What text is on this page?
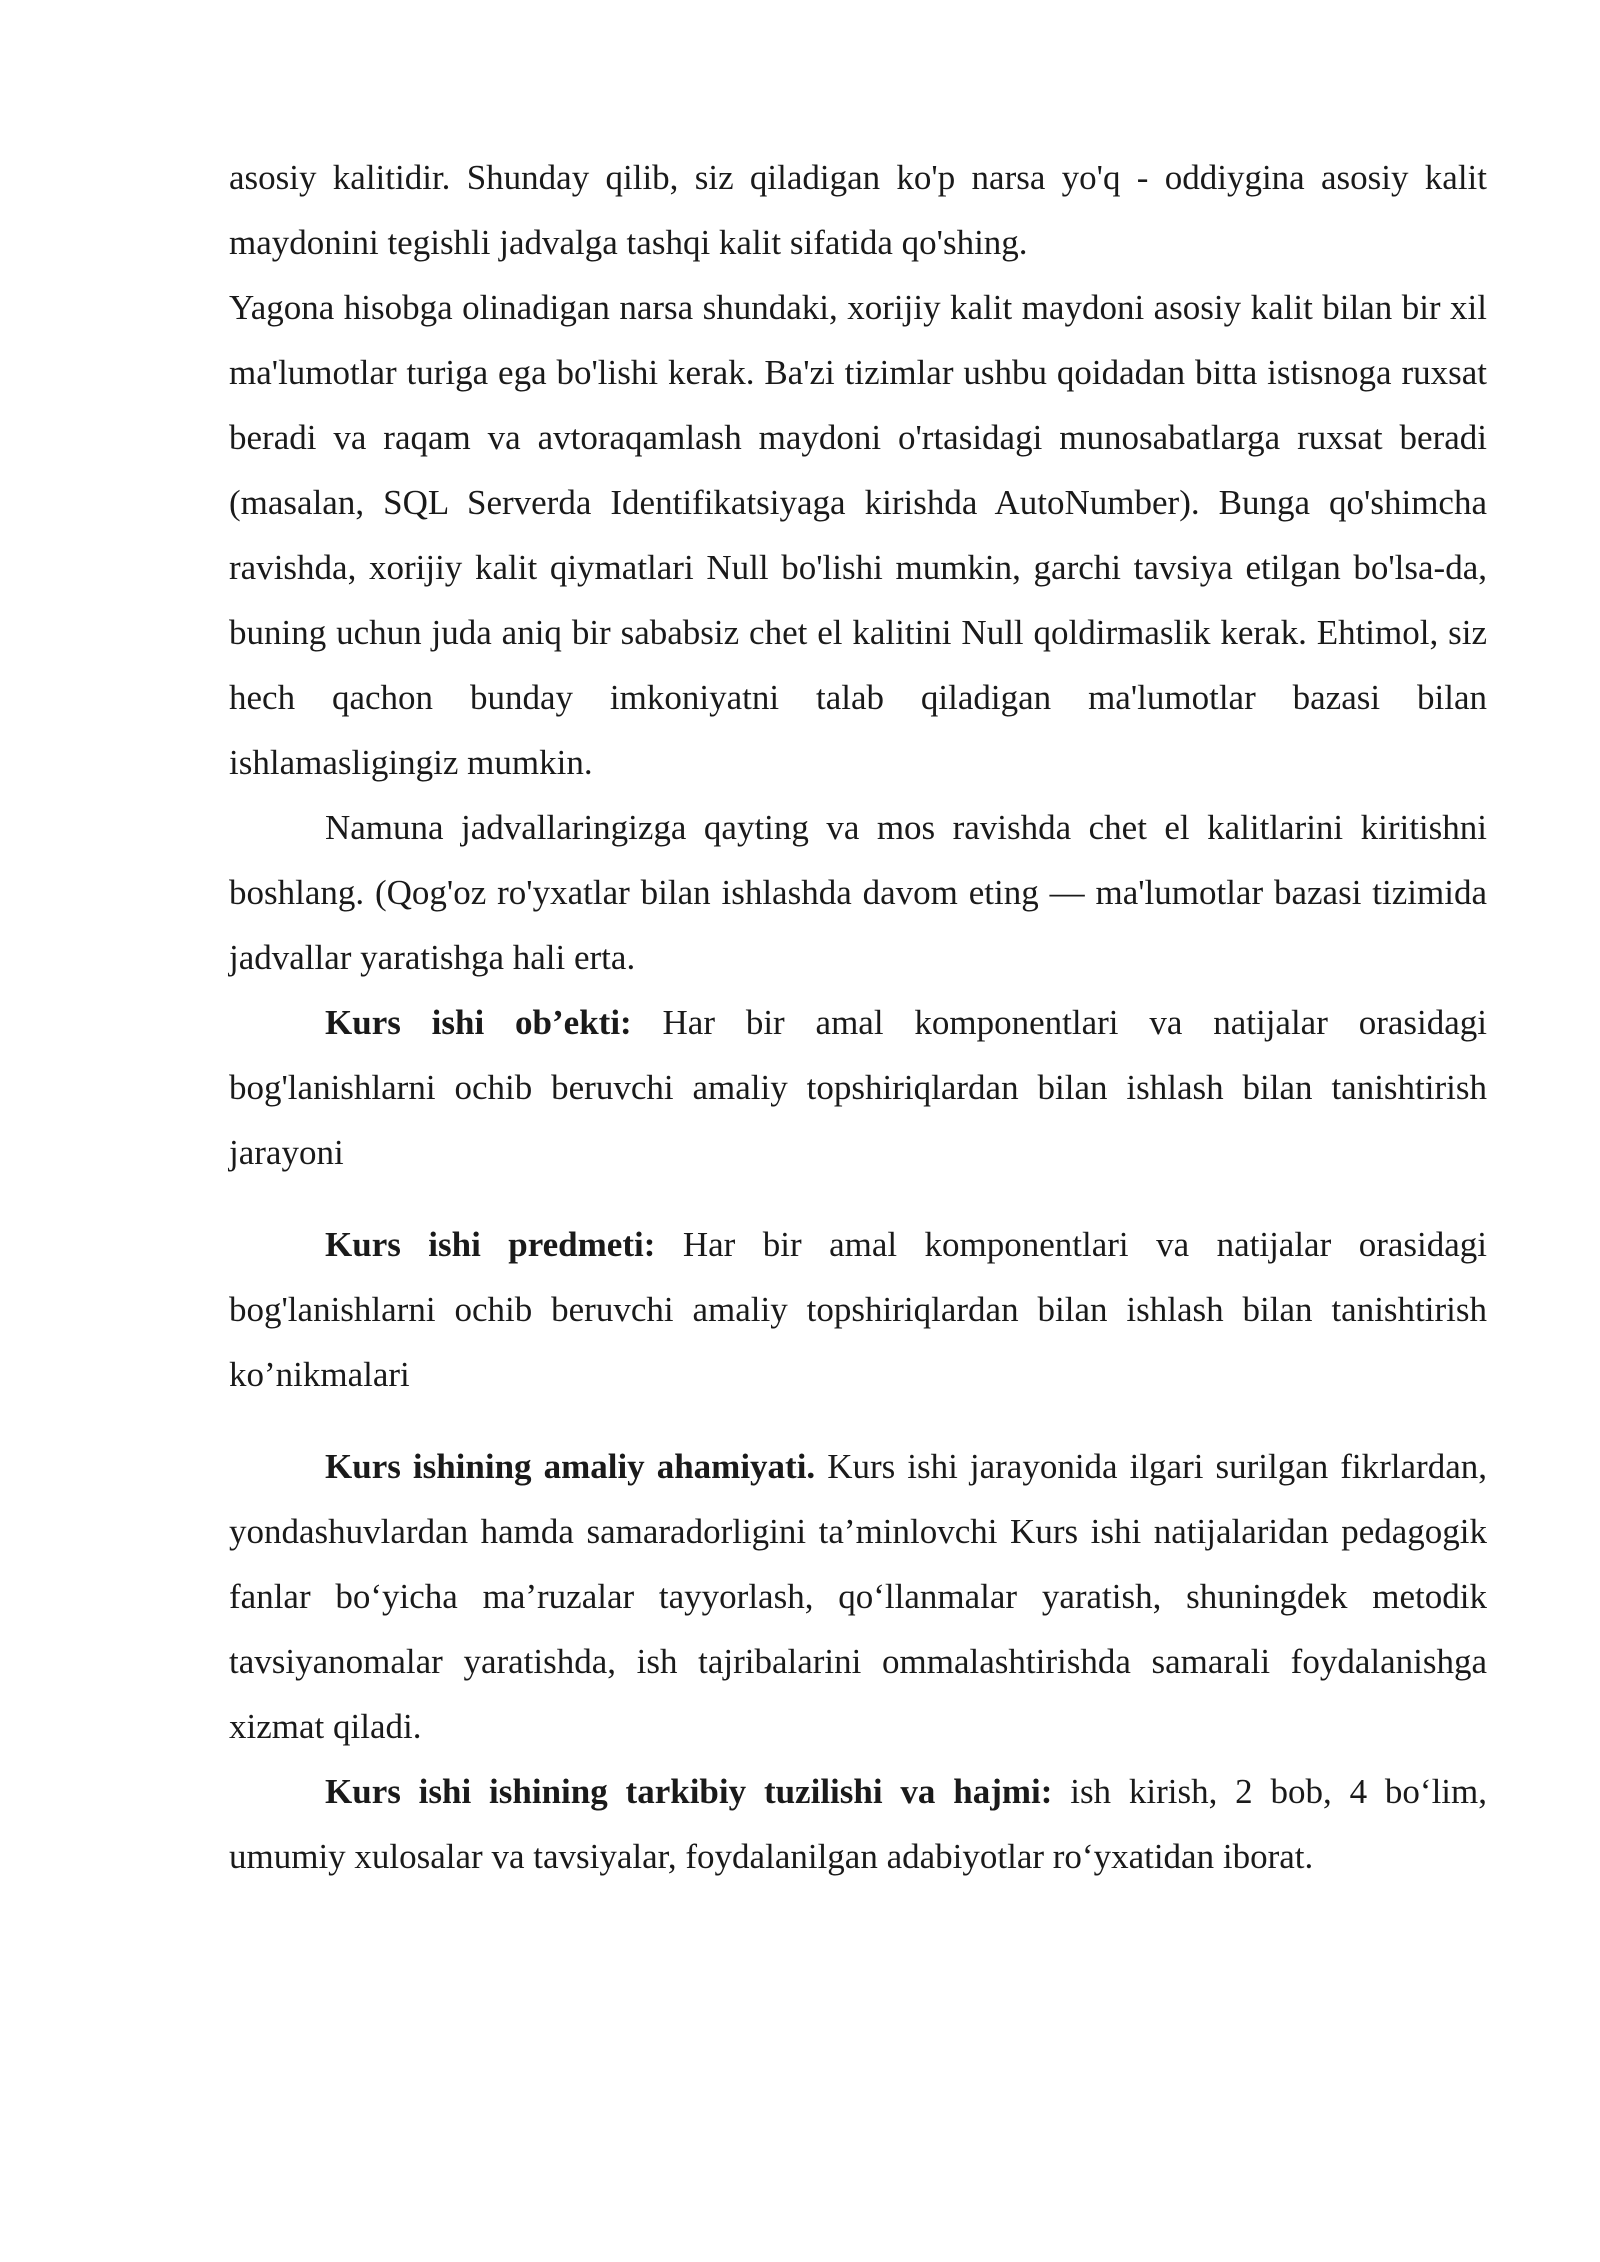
asosiy kalitidir. Shunday qilib, siz qiladigan ko'p narsa yo'q - oddiygina asosiy kalit maydonini tegishli jadvalga tashqi kalit sifatida qo'shing.

Yagona hisobga olinadigan narsa shundaki, xorijiy kalit maydoni asosiy kalit bilan bir xil ma'lumotlar turiga ega bo'lishi kerak. Ba'zi tizimlar ushbu qoidadan bitta istisnoga ruxsat beradi va raqam va avtoraqamlash maydoni o'rtasidagi munosabatlarga ruxsat beradi (masalan, SQL Serverda Identifikatsiyaga kirishda AutoNumber). Bunga qo'shimcha ravishda, xorijiy kalit qiymatlari Null bo'lishi mumkin, garchi tavsiya etilgan bo'lsa-da, buning uchun juda aniq bir sababsiz chet el kalitini Null qoldirmaslik kerak. Ehtimol, siz hech qachon bunday imkoniyatni talab qiladigan ma'lumotlar bazasi bilan ishlamasligingiz mumkin.

Namuna jadvallaringizga qayting va mos ravishda chet el kalitlarini kiritishni boshlang. (Qog'oz ro'yxatlar bilan ishlashda davom eting — ma'lumotlar bazasi tizimida jadvallar yaratishga hali erta.

Kurs ishi ob’ekti: Har bir amal komponentlari va natijalar orasidagi bog'lanishlarni ochib beruvchi amaliy topshiriqlardan bilan ishlash bilan tanishtirish jarayoni

Kurs ishi predmeti: Har bir amal komponentlari va natijalar orasidagi bog'lanishlarni ochib beruvchi amaliy topshiriqlardan bilan ishlash bilan tanishtirish ko’nikmalari

Kurs ishining amaliy ahamiyati. Kurs ishi jarayonida ilgari surilgan fikrlardan, yondashuvlardan hamda samaradorligini ta’minlovchi Kurs ishi natijalaridan pedagogik fanlar bo‘yicha ma’ruzalar tayyorlash, qo‘llanmalar yaratish, shuningdek metodik tavsiyanomalar yaratishda, ish tajribalarini ommalashtirishda samarali foydalanishga xizmat qiladi.

Kurs ishi ishining tarkibiy tuzilishi va hajmi: ish kirish, 2 bob, 4 bo‘lim, umumiy xulosalar va tavsiyalar, foydalanilgan adabiyotlar ro‘yxatidan iborat.
